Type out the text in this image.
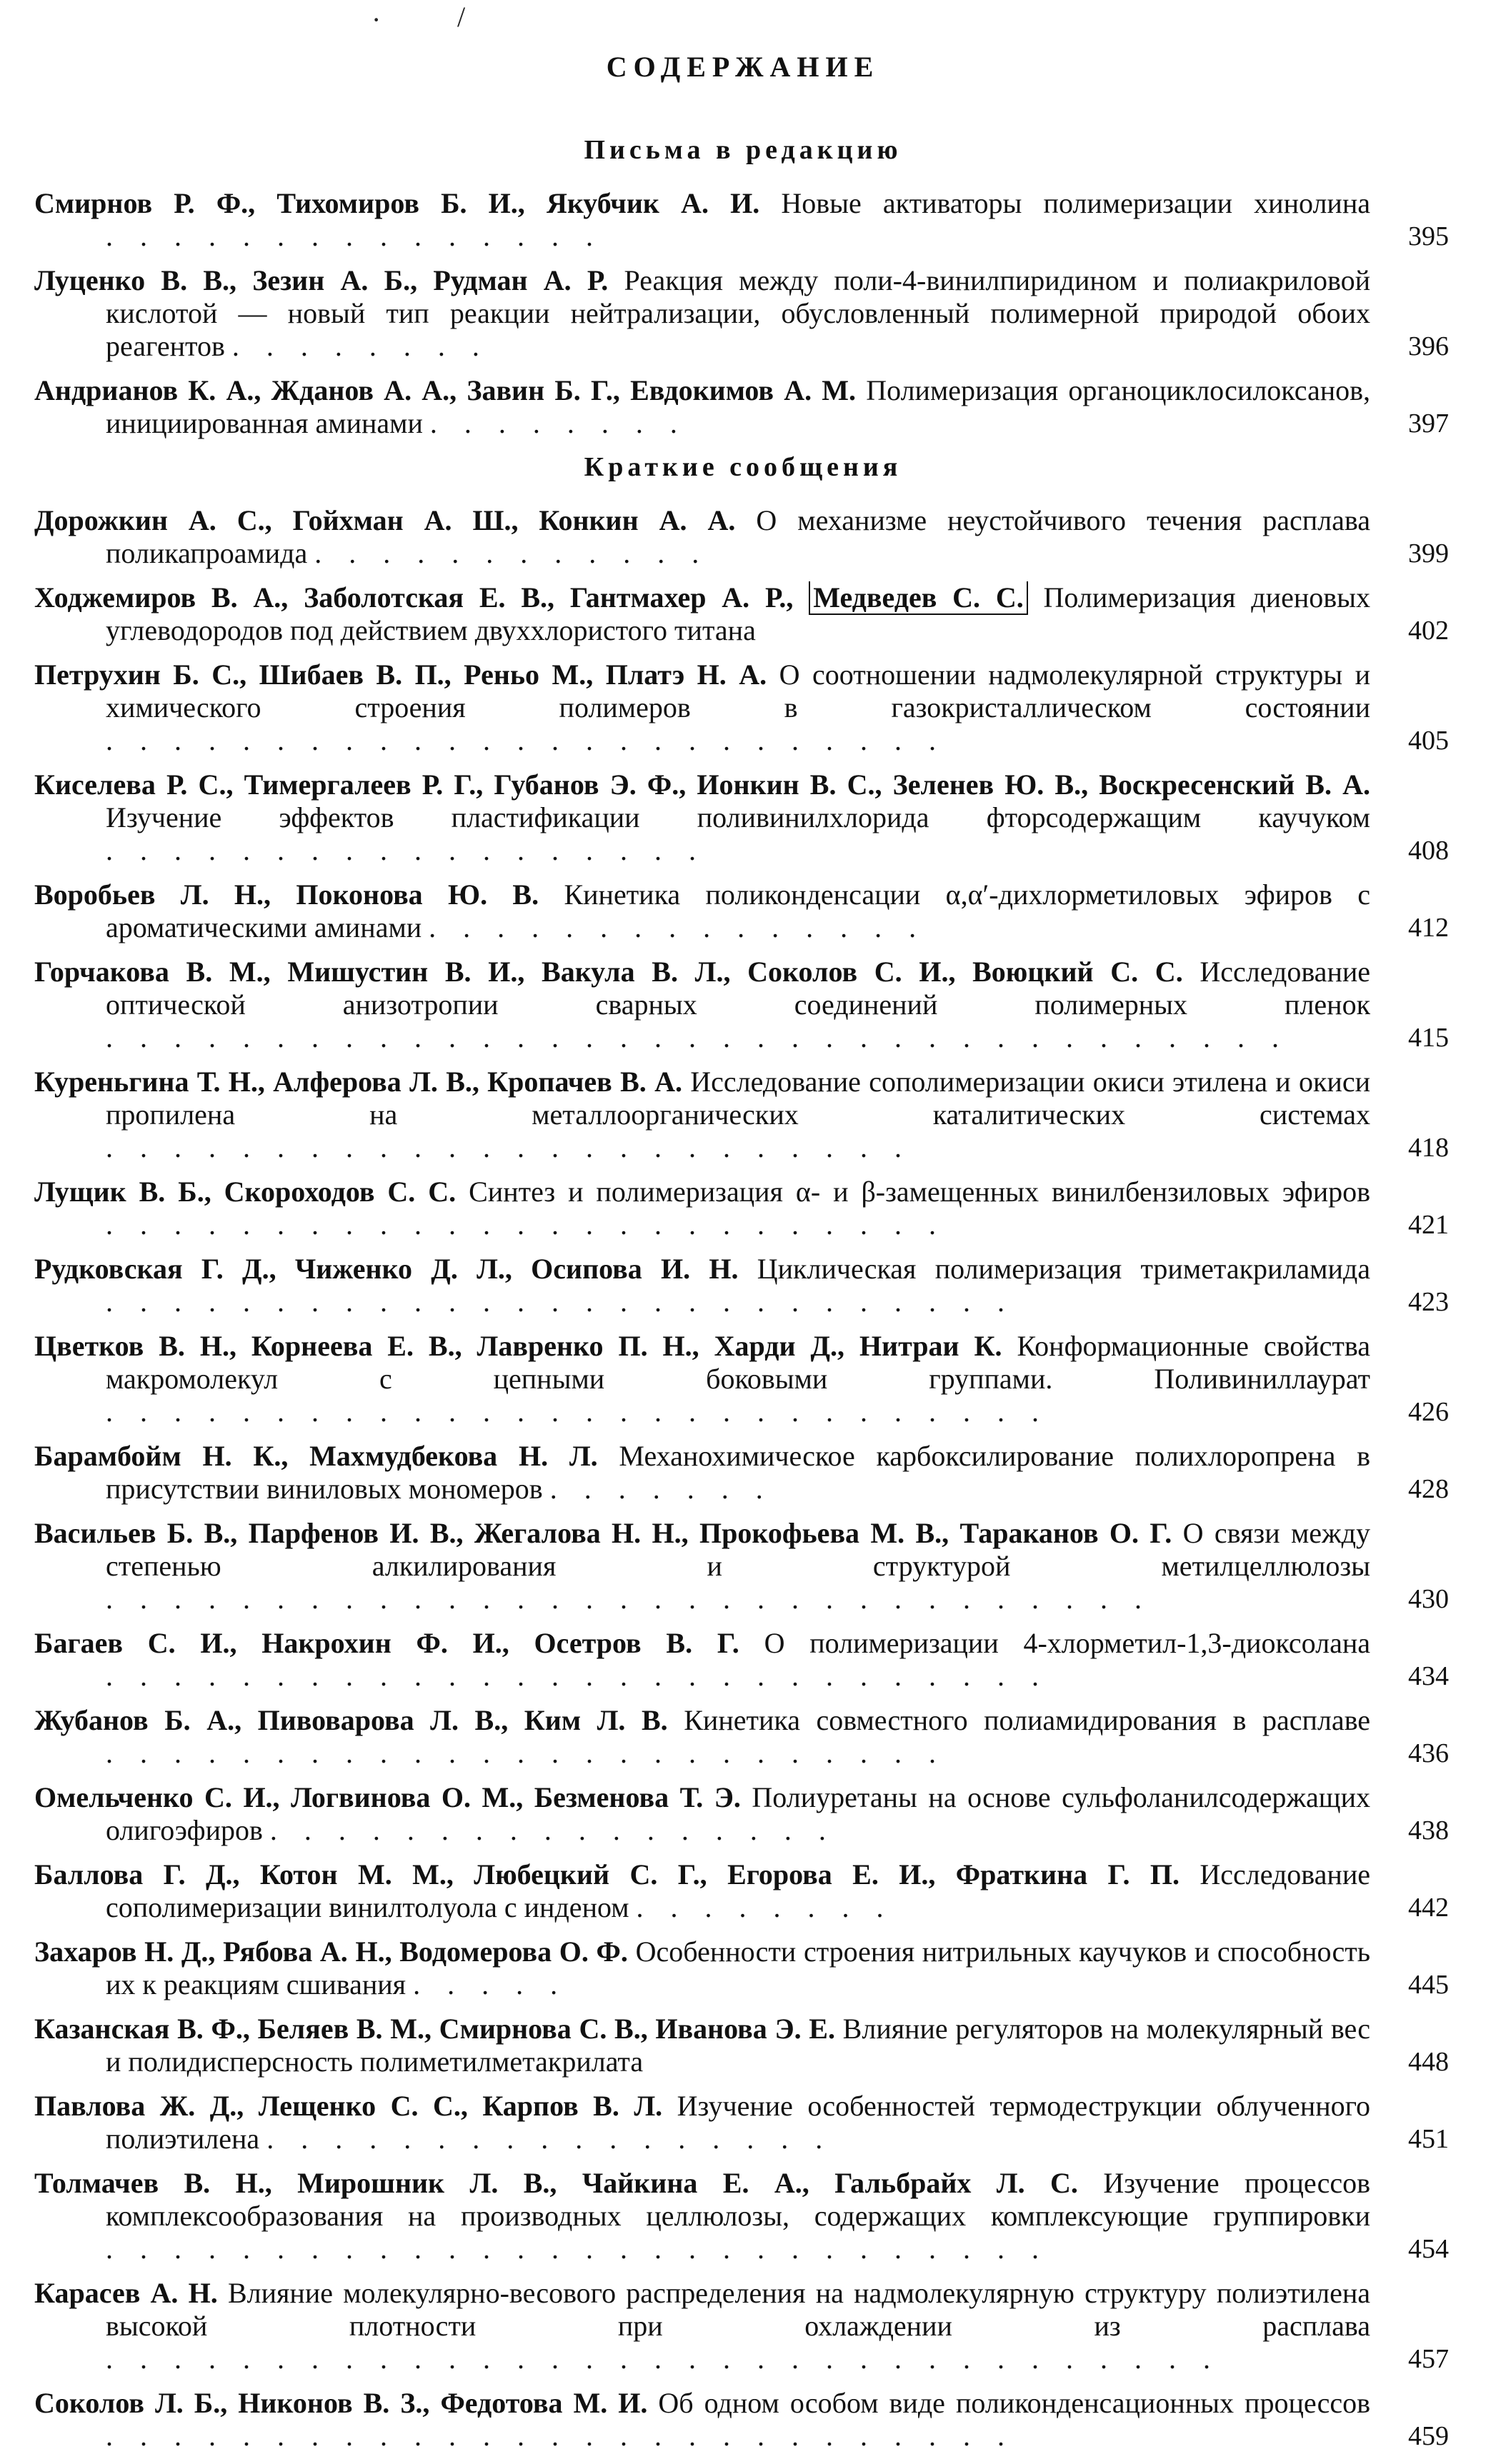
·	/
СОДЕРЖАНИЕ
Письма в редакцию
Смирнов Р. Ф., Тихомиров Б. И., Якубчик А. И. Новые активаторы полимеризации хинолина . . . . . . . . . . . . . . .	395
Луценко В. В., Зезин А. Б., Рудман А. Р. Реакция между поли-4-винилпиридином и полиакриловой кислотой — новый тип реакции нейтрализации, обусловленный полимерной природой обоих реагентов . . . . . . . .	396
Андрианов К. А., Жданов А. А., Завин Б. Г., Евдокимов А. М. Полимеризация органоциклосилоксанов, инициированная аминами . . . . . . . .	397
Краткие сообщения
Дорожкин А. С., Гойхман А. Ш., Конкин А. А. О механизме неустойчивого течения расплава поликапроамида . . . . . . . . . . . .	399
Ходжемиров В. А., Заболотская Е. В., Гантмахер А. Р., Медведев С. С. Полимеризация диеновых углеводородов под действием двуххлористого титана	402
Петрухин Б. С., Шибаев В. П., Реньо М., Платэ Н. А. О соотношении надмолекулярной структуры и химического строения полимеров в газокристаллическом состоянии . . . . . . . . . . . . . . . . . . . . . . . . .	405
Киселева Р. С., Тимергалеев Р. Г., Губанов Э. Ф., Ионкин В. С., Зеленев Ю. В., Воскресенский В. А. Изучение эффектов пластификации поливинилхлорида фторсодержащим каучуком . . . . . . . . . . . . . . . . . .	408
Воробьев Л. Н., Поконова Ю. В. Кинетика поликонденсации α,α′-дихлорметиловых эфиров с ароматическими аминами . . . . . . . . . . . . . . .	412
Горчакова В. М., Мишустин В. И., Вакула В. Л., Соколов С. И., Воюцкий С. С. Исследование оптической анизотропии сварных соединений полимерных пленок . . . . . . . . . . . . . . . . . . . . . . . . . . . . . . . . . . .	415
Куреньгина Т. Н., Алферова Л. В., Кропачев В. А. Исследование сополимеризации окиси этилена и окиси пропилена на металлоорганических каталитических системах . . . . . . . . . . . . . . . . . . . . . . . .	418
Лущик В. Б., Скороходов С. С. Синтез и полимеризация α- и β-замещенных винилбензиловых эфиров . . . . . . . . . . . . . . . . . . . . . . . . .	421
Рудковская Г. Д., Чиженко Д. Л., Осипова И. Н. Циклическая полимеризация триметакриламида . . . . . . . . . . . . . . . . . . . . . . . . . . .	423
Цветков В. Н., Корнеева Е. В., Лавренко П. Н., Харди Д., Нитраи К. Конформационные свойства макромолекул с цепными боковыми группами. Поливиниллаурат . . . . . . . . . . . . . . . . . . . . . . . . . . . .	426
Барамбойм Н. К., Махмудбекова Н. Л. Механохимическое карбоксилирование полихлоропрена в присутствии виниловых мономеров . . . . . . .	428
Васильев Б. В., Парфенов И. В., Жегалова Н. Н., Прокофьева М. В., Тараканов О. Г. О связи между степенью алкилирования и структурой метилцеллюлозы . . . . . . . . . . . . . . . . . . . . . . . . . . . . . . .	430
Багаев С. И., Накрохин Ф. И., Осетров В. Г. О полимеризации 4-хлорметил-1,3-диоксолана . . . . . . . . . . . . . . . . . . . . . . . . . . . .	434
Жубанов Б. А., Пивоварова Л. В., Ким Л. В. Кинетика совместного полиамидирования в расплаве . . . . . . . . . . . . . . . . . . . . . . . . .	436
Омельченко С. И., Логвинова О. М., Безменова Т. Э. Полиуретаны на основе сульфоланилсодержащих олигоэфиров . . . . . . . . . . . . . . . . .	438
Баллова Г. Д., Котон М. М., Любецкий С. Г., Егорова Е. И., Фраткина Г. П. Исследование сополимеризации винилтолуола с инденом . . . . . . . .	442
Захаров Н. Д., Рябова А. Н., Водомерова О. Ф. Особенности строения нитрильных каучуков и способность их к реакциям сшивания . . . . .	445
Казанская В. Ф., Беляев В. М., Смирнова С. В., Иванова Э. Е. Влияние регуляторов на молекулярный вес и полидисперсность полиметилметакрилата	448
Павлова Ж. Д., Лещенко С. С., Карпов В. Л. Изучение особенностей термодеструкции облученного полиэтилена . . . . . . . . . . . . . . . . .	451
Толмачев В. Н., Мирошник Л. В., Чайкина Е. А., Гальбрайх Л. С. Изучение процессов комплексообразования на производных целлюлозы, содержащих комплексующие группировки . . . . . . . . . . . . . . . . . . . . . . . . . . . .	454
Карасев А. Н. Влияние молекулярно-весового распределения на надмолекулярную структуру полиэтилена высокой плотности при охлаждении из расплава . . . . . . . . . . . . . . . . . . . . . . . . . . . . . . . . .	457
Соколов Л. Б., Никонов В. З., Федотова М. И. Об одном особом виде поликонденсационных процессов . . . . . . . . . . . . . . . . . . . . . . . . . . .	459
